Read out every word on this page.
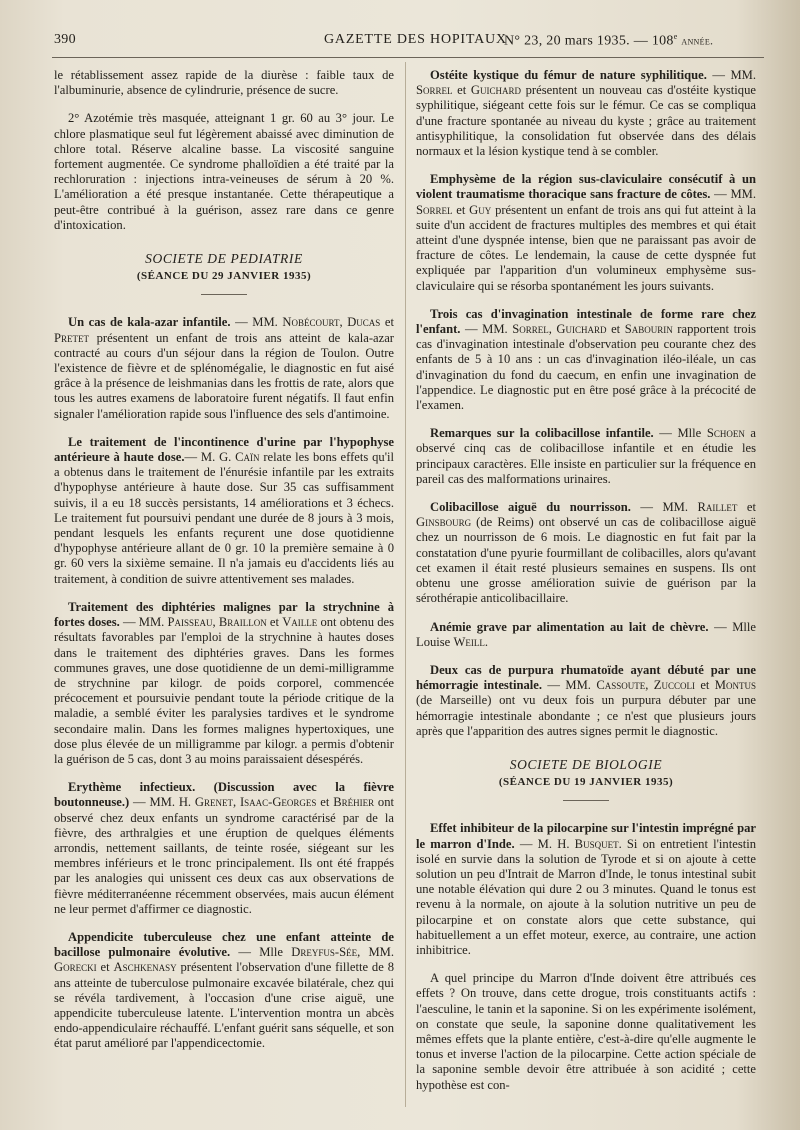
390	GAZETTE DES HOPITAUX
N° 23, 20 mars 1935. — 108e année.

le rétablissement assez rapide de la diurèse : faible taux de l'albuminurie, absence de cylindrurie, présence de sucre.

2° Azotémie très masquée, atteignant 1 gr. 60 au 3° jour. Le chlore plasmatique seul fut légèrement abaissé avec diminution de chlore total. Réserve alcaline basse. La viscosité sanguine fortement augmentée. Ce syndrome phalloïdien a été traité par la rechloruration : injections intra-veineuses de sérum à 20 %. L'amélioration a été presque instantanée. Cette thérapeutique a peut-être contribué à la guérison, assez rare dans ce genre d'intoxication.

SOCIETE DE PEDIATRIE
(SÉANCE DU 29 JANVIER 1935)

Un cas de kala-azar infantile. — MM. Nobécourt, Ducas et Pretet présentent un enfant de trois ans atteint de kala-azar contracté au cours d'un séjour dans la région de Toulon. Outre l'existence de fièvre et de splénomégalie, le diagnostic en fut aisé grâce à la présence de leishmanias dans les frottis de rate, alors que tous les autres examens de laboratoire furent négatifs. Il faut enfin signaler l'amélioration rapide sous l'influence des sels d'antimoine.

Le traitement de l'incontinence d'urine par l'hypophyse antérieure à haute dose.— M. G. Caïn relate les bons effets qu'il a obtenus dans le traitement de l'énurésie infantile par les extraits d'hypophyse antérieure à haute dose. Sur 35 cas suffisamment suivis, il a eu 18 succès persistants, 14 améliorations et 3 échecs. Le traitement fut poursuivi pendant une durée de 8 jours à 3 mois, pendant lesquels les enfants reçurent une dose quotidienne d'hypophyse antérieure allant de 0 gr. 10 la première semaine à 0 gr. 60 vers la sixième semaine. Il n'a jamais eu d'accidents liés au traitement, à condition de suivre attentivement ses malades.

Traitement des diphtéries malignes par la strychnine à fortes doses. — MM. Paisseau, Braillon et Vaille ont obtenu des résultats favorables par l'emploi de la strychnine à hautes doses dans le traitement des diphtéries graves. Dans les formes communes graves, une dose quotidienne de un demi-milligramme de strychnine par kilogr. de poids corporel, commencée précocement et poursuivie pendant toute la période critique de la maladie, a semblé éviter les paralysies tardives et le syndrome secondaire malin. Dans les formes malignes hypertoxiques, une dose plus élevée de un milligramme par kilogr. a permis d'obtenir la guérison de 5 cas, dont 3 au moins paraissaient désespérés.

Erythème infectieux. (Discussion avec la fièvre boutonneuse.) — MM. H. Grenet, Isaac-Georges et Bréhier ont observé chez deux enfants un syndrome caractérisé par de la fièvre, des arthralgies et une éruption de quelques éléments arrondis, nettement saillants, de teinte rosée, siégeant sur les membres inférieurs et le tronc principalement. Ils ont été frappés par les analogies qui unissent ces deux cas aux observations de fièvre méditerranéenne récemment observées, mais aucun élément ne leur permet d'affirmer ce diagnostic.

Appendicite tuberculeuse chez une enfant atteinte de bacillose pulmonaire évolutive. — Mlle Dreyfus-Sée, MM. Gorecki et Aschkenasy présentent l'observation d'une fillette de 8 ans atteinte de tuberculose pulmonaire excavée bilatérale, chez qui se révéla tardivement, à l'occasion d'une crise aiguë, une appendicite tuberculeuse latente. L'intervention montra un abcès endo-appendiculaire réchauffé. L'enfant guérit sans séquelle, et son état parut amélioré par l'appendicectomie.

Ostéite kystique du fémur de nature syphilitique. — MM. Sorrel et Guichard présentent un nouveau cas d'ostéite kystique syphilitique, siégeant cette fois sur le fémur. Ce cas se compliqua d'une fracture spontanée au niveau du kyste ; grâce au traitement antisyphilitique, la consolidation fut observée dans des délais normaux et la lésion kystique tend à se combler.

Emphysème de la région sus-claviculaire consécutif à un violent traumatisme thoracique sans fracture de côtes. — MM. Sorrel et Guy présentent un enfant de trois ans qui fut atteint à la suite d'un accident de fractures multiples des membres et qui était atteint d'une dyspnée intense, bien que ne paraissant pas avoir de fracture de côtes. Le lendemain, la cause de cette dyspnée fut expliquée par l'apparition d'un volumineux emphysème sus-claviculaire qui se résorba spontanément les jours suivants.

Trois cas d'invagination intestinale de forme rare chez l'enfant. — MM. Sorrel, Guichard et Sabourin rapportent trois cas d'invagination intestinale d'observation peu courante chez des enfants de 5 à 10 ans : un cas d'invagination iléo-iléale, un cas d'invagination du fond du caecum, en enfin une invagination de l'appendice. Le diagnostic put en être posé grâce à la précocité de l'examen.

Remarques sur la colibacillose infantile. — Mlle Schoen a observé cinq cas de colibacillose infantile et en étudie les principaux caractères. Elle insiste en particulier sur la fréquence en pareil cas des malformations urinaires.

Colibacillose aiguë du nourrisson. — MM. Raillet et Ginsbourg (de Reims) ont observé un cas de colibacillose aiguë chez un nourrisson de 6 mois. Le diagnostic en fut fait par la constatation d'une pyurie fourmillant de colibacilles, alors qu'avant cet examen il était resté plusieurs semaines en suspens. Ils ont obtenu une grosse amélioration suivie de guérison par la sérothérapie anticolibacillaire.

Anémie grave par alimentation au lait de chèvre. — Mlle Louise Weill.

Deux cas de purpura rhumatoïde ayant débuté par une hémorragie intestinale. — MM. Cassoute, Zuccoli et Montus (de Marseille) ont vu deux fois un purpura débuter par une hémorragie intestinale abondante ; ce n'est que plusieurs jours après que l'apparition des autres signes permit le diagnostic.

SOCIETE DE BIOLOGIE
(SÉANCE DU 19 JANVIER 1935)

Effet inhibiteur de la pilocarpine sur l'intestin imprégné par le marron d'Inde. — M. H. Busquet. Si on entretient l'intestin isolé en survie dans la solution de Tyrode et si on ajoute à cette solution un peu d'Intrait de Marron d'Inde, le tonus intestinal subit une notable élévation qui dure 2 ou 3 minutes. Quand le tonus est revenu à la normale, on ajoute à la solution nutritive un peu de pilocarpine et on constate alors que cette substance, qui habituellement a un effet moteur, exerce, au contraire, une action inhibitrice.

A quel principe du Marron d'Inde doivent être attribués ces effets ? On trouve, dans cette drogue, trois constituants actifs : l'aesculine, le tanin et la saponine. Si on les expérimente isolément, on constate que seule, la saponine donne qualitativement les mêmes effets que la plante entière, c'est-à-dire qu'elle augmente le tonus et inverse l'action de la pilocarpine. Cette action spéciale de la saponine semble devoir être attribuée à son acidité ; cette hypothèse est con-
